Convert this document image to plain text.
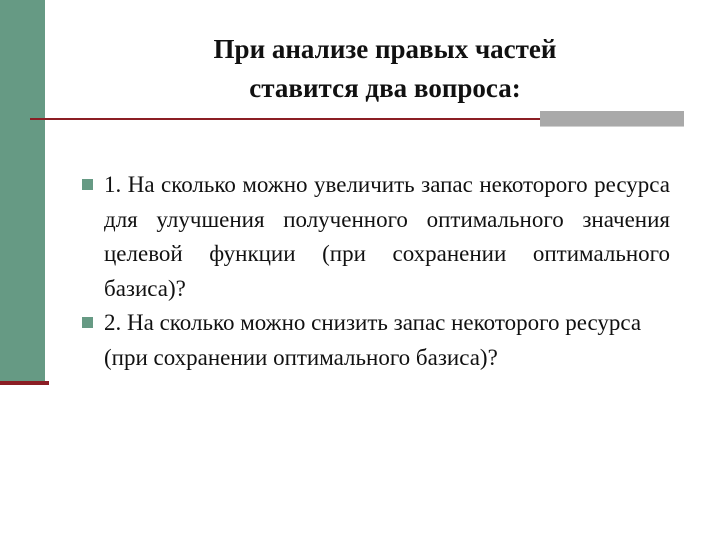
При анализе правых частей
ставится два вопроса:
1. На сколько можно увеличить запас некоторого ресурса для улучшения полученного оптимального значения целевой функции (при сохранении оптимального базиса)?
2. На сколько можно снизить запас некоторого ресурса (при сохранении оптимального базиса)?
